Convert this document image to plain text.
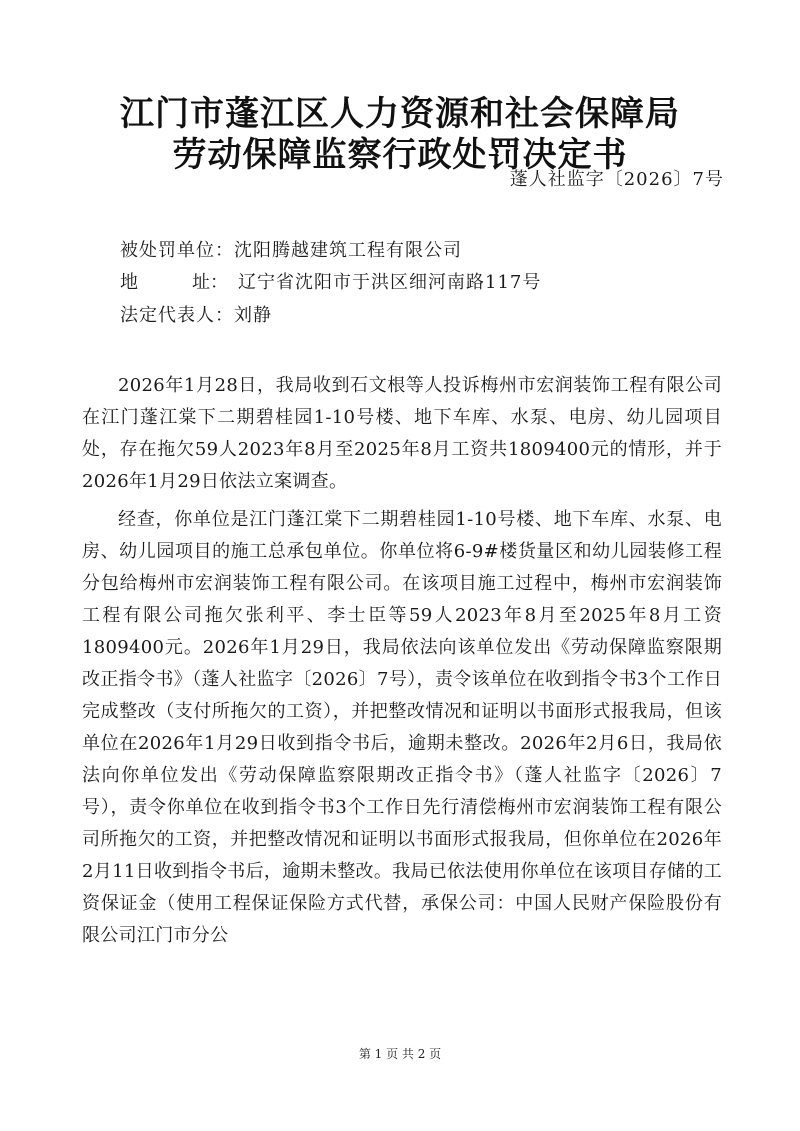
江门市蓬江区人力资源和社会保障局
劳动保障监察行政处罚决定书
蓬人社监字〔2026〕7号
被处罚单位：沈阳腾越建筑工程有限公司
地	址： 辽宁省沈阳市于洪区细河南路117号
法定代表人：刘静

2026年1月28日，我局收到石文根等人投诉梅州市宏润装饰工程有限公司在江门蓬江棠下二期碧桂园1-10号楼、地下车库、水泵、电房、幼儿园项目处，存在拖欠59人2023年8月至2025年8月工资共1809400元的情形，并于2026年1月29日依法立案调查。

经查，你单位是江门蓬江棠下二期碧桂园1-10号楼、地下车库、水泵、电房、幼儿园项目的施工总承包单位。你单位将6-9#楼货量区和幼儿园装修工程分包给梅州市宏润装饰工程有限公司。在该项目施工过程中，梅州市宏润装饰工程有限公司拖欠张利平、李士臣等59人2023年8月至2025年8月工资1809400元。2026年1月29日，我局依法向该单位发出《劳动保障监察限期改正指令书》（蓬人社监字〔2026〕7号），责令该单位在收到指令书3个工作日完成整改（支付所拖欠的工资），并把整改情况和证明以书面形式报我局，但该单位在2026年1月29日收到指令书后，逾期未整改。2026年2月6日，我局依法向你单位发出《劳动保障监察限期改正指令书》（蓬人社监字〔2026〕7号），责令你单位在收到指令书3个工作日先行清偿梅州市宏润装饰工程有限公司所拖欠的工资，并把整改情况和证明以书面形式报我局，但你单位在2026年2月11日收到指令书后，逾期未整改。我局已依法使用你单位在该项目存储的工资保证金（使用工程保证保险方式代替，承保公司：中国人民财产保险股份有限公司江门市分公

第 1 页 共 2 页
